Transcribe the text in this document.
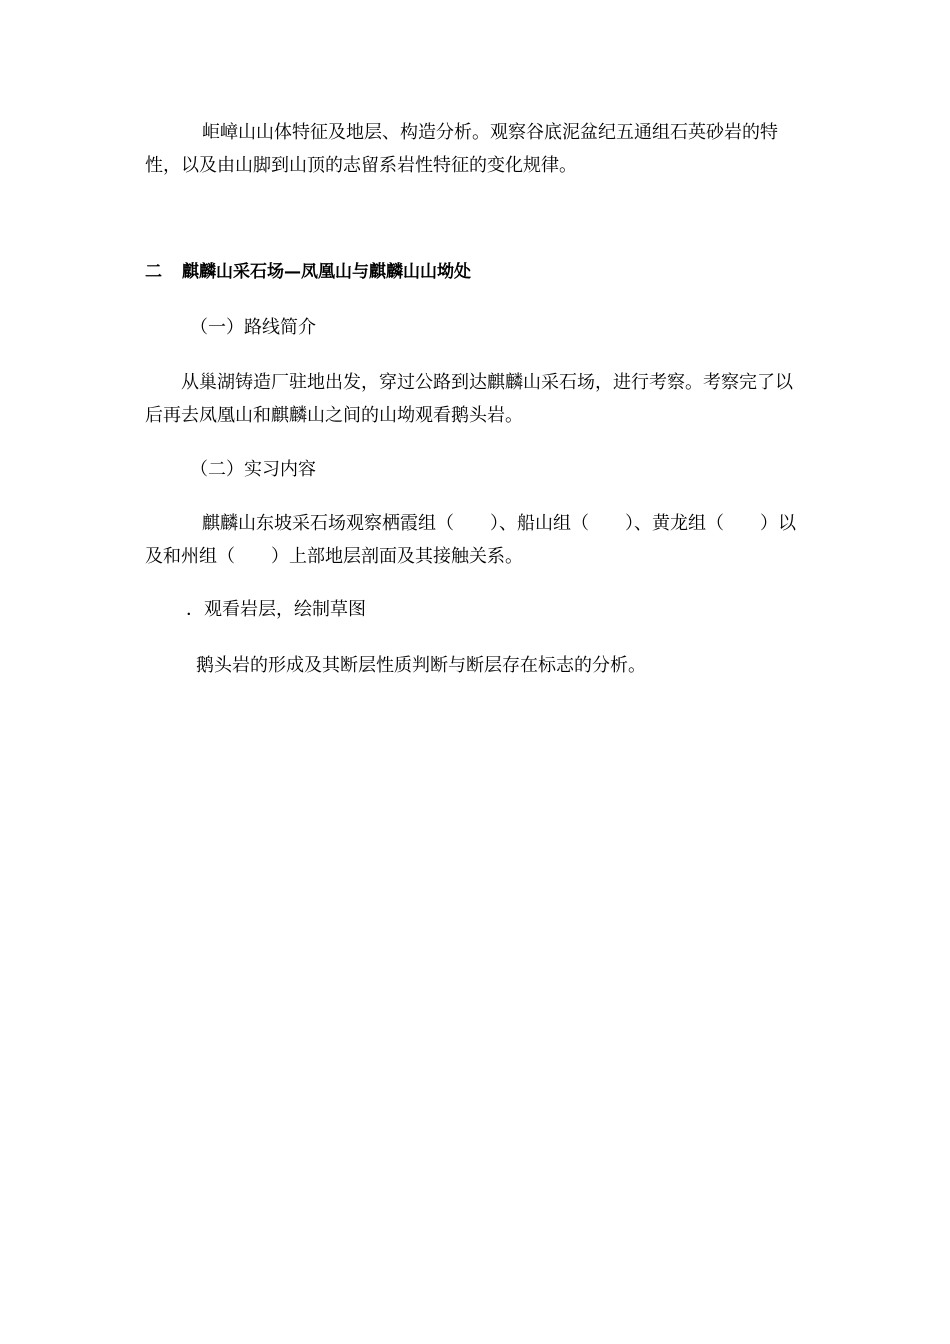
岠嶂山山体特征及地层、构造分析。观察谷底泥盆纪五通组石英砂岩的特性，以及由山脚到山顶的志留系岩性特征的变化规律。

二 麒麟山采石场—凤凰山与麒麟山山坳处

（一）路线简介

从巢湖铸造厂驻地出发，穿过公路到达麒麟山采石场，进行考察。考察完了以后再去凤凰山和麒麟山之间的山坳观看鹅头岩。

（二）实习内容

麒麟山东坡采石场观察栖霞组（　　）、船山组（　　）、黄龙组（　　）以及和州组（　　）上部地层剖面及其接触关系。

．观看岩层，绘制草图

鹅头岩的形成及其断层性质判断与断层存在标志的分析。
